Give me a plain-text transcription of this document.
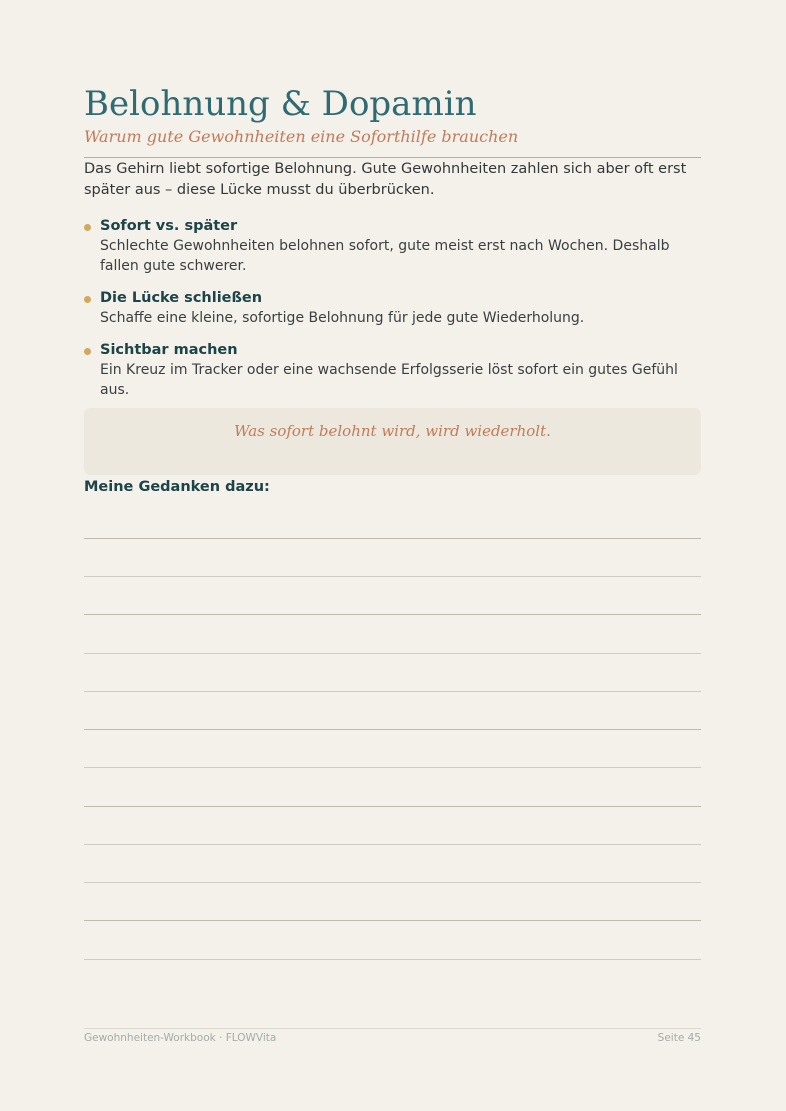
Belohnung & Dopamin
Warum gute Gewohnheiten eine Soforthilfe brauchen

Das Gehirn liebt sofortige Belohnung. Gute Gewohnheiten zahlen sich aber oft erst später aus – diese Lücke musst du überbrücken.

Sofort vs. später
Schlechte Gewohnheiten belohnen sofort, gute meist erst nach Wochen. Deshalb fallen gute schwerer.
Die Lücke schließen
Schaffe eine kleine, sofortige Belohnung für jede gute Wiederholung.
Sichtbar machen
Ein Kreuz im Tracker oder eine wachsende Erfolgsserie löst sofort ein gutes Gefühl aus.
Was sofort belohnt wird, wird wiederholt.
Meine Gedanken dazu:
Gewohnheiten-Workbook · FLOWVita	Seite 45
